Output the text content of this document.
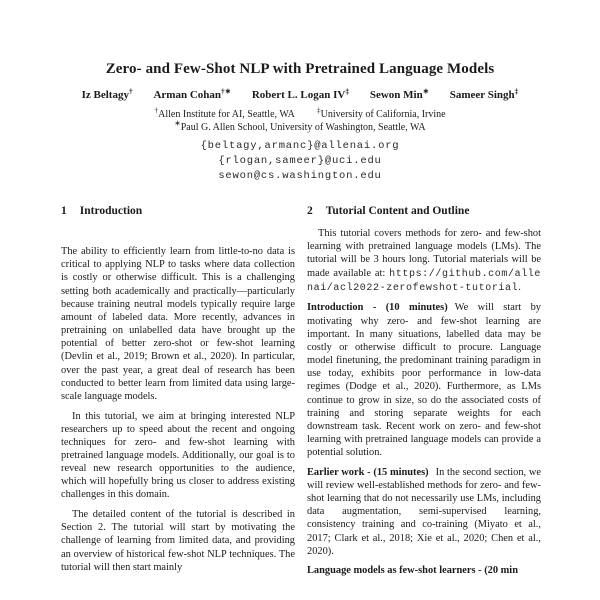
Zero- and Few-Shot NLP with Pretrained Language Models
Iz Beltagy† Arman Cohan†∗ Robert L. Logan IV‡ Sewon Min∗ Sameer Singh‡
†Allen Institute for AI, Seattle, WA	‡University of California, Irvine
∗Paul G. Allen School, University of Washington, Seattle, WA
{beltagy,armanc}@allenai.org
{rlogan,sameer}@uci.edu
sewon@cs.washington.edu
1 Introduction

The ability to efficiently learn from little-to-no data is critical to applying NLP to tasks where data collection is costly or otherwise difficult. This is a challenging setting both academically and practically—particularly because training neutral models typically require large amount of labeled data. More recently, advances in pretraining on unlabelled data have brought up the potential of better zero-shot or few-shot learning (Devlin et al., 2019; Brown et al., 2020). In particular, over the past year, a great deal of research has been conducted to better learn from limited data using large-scale language models.

In this tutorial, we aim at bringing interested NLP researchers up to speed about the recent and ongoing techniques for zero- and few-shot learning with pretrained language models. Additionally, our goal is to reveal new research opportunities to the audience, which will hopefully bring us closer to address existing challenges in this domain.

The detailed content of the tutorial is described in Section 2. The tutorial will start by motivating the challenge of learning from limited data, and providing an overview of historical few-shot NLP techniques. The tutorial will then start mainly

2 Tutorial Content and Outline

This tutorial covers methods for zero- and few-shot learning with pretrained language models (LMs). The tutorial will be 3 hours long. Tutorial materials will be made available at: https://github.com/allenai/acl2022-zerofewshot-tutorial.

Introduction - (10 minutes) We will start by motivating why zero- and few-shot learning are important. In many situations, labelled data may be costly or otherwise difficult to procure. Language model finetuning, the predominant training paradigm in use today, exhibits poor performance in low-data regimes (Dodge et al., 2020). Furthermore, as LMs continue to grow in size, so do the associated costs of training and storing separate weights for each downstream task. Recent work on zero- and few-shot learning with pretrained language models can provide a potential solution.

Earlier work - (15 minutes) In the second section, we will review well-established methods for zero- and few-shot learning that do not necessarily use LMs, including data augmentation, semi-supervised learning, consistency training and co-training (Miyato et al., 2017; Clark et al., 2018; Xie et al., 2020; Chen et al., 2020).

Language models as few-shot learners - (20 min
